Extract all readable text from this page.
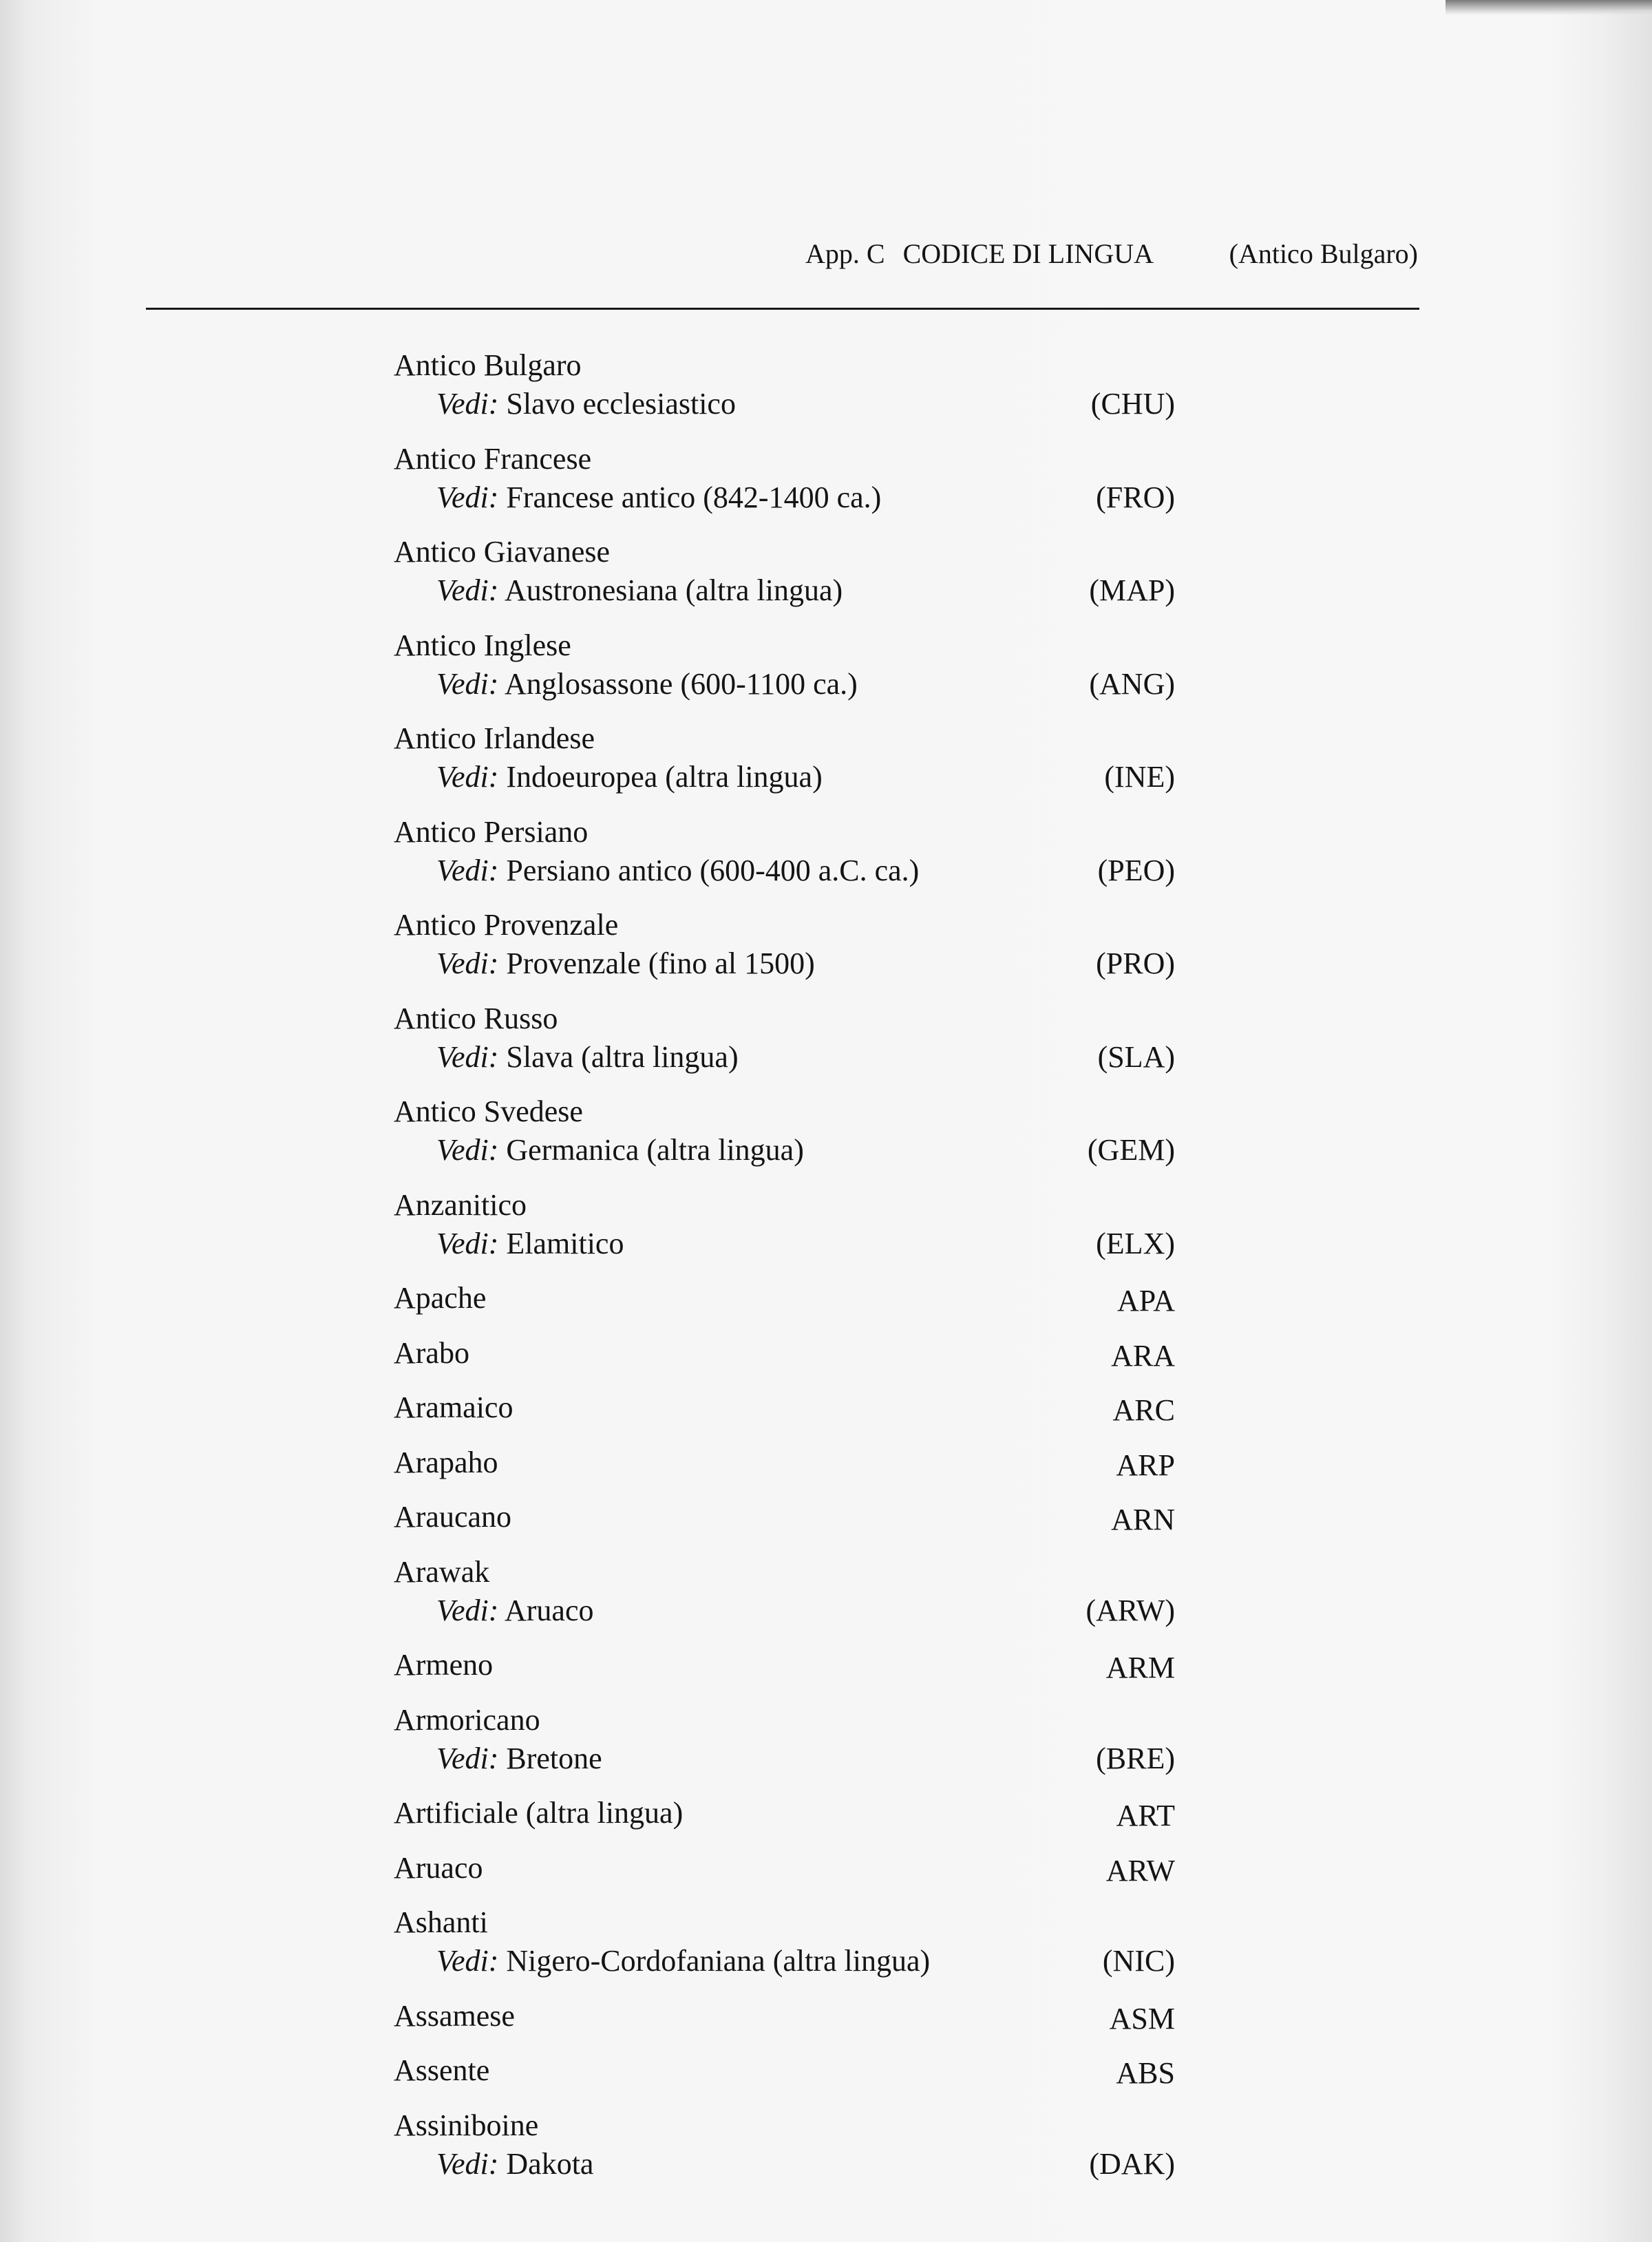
App. C CODICE DI LINGUA	(Antico Bulgaro)
Antico Bulgaro
Vedi: Slavo ecclesiastico	(CHU)
Antico Francese
Vedi: Francese antico (842-1400 ca.)	(FRO)
Antico Giavanese
Vedi: Austronesiana (altra lingua)	(MAP)
Antico Inglese
Vedi: Anglosassone (600-1100 ca.)	(ANG)
Antico Irlandese
Vedi: Indoeuropea (altra lingua)	(INE)
Antico Persiano
Vedi: Persiano antico (600-400 a.C. ca.)	(PEO)
Antico Provenzale
Vedi: Provenzale (fino al 1500)	(PRO)
Antico Russo
Vedi: Slava (altra lingua)	(SLA)
Antico Svedese
Vedi: Germanica (altra lingua)	(GEM)
Anzanitico
Vedi: Elamitico	(ELX)
Apache	APA
Arabo	ARA
Aramaico	ARC
Arapaho	ARP
Araucano	ARN
Arawak
Vedi: Aruaco	(ARW)
Armeno	ARM
Armoricano
Vedi: Bretone	(BRE)
Artificiale (altra lingua)	ART
Aruaco	ARW
Ashanti
Vedi: Nigero-Cordofaniana (altra lingua)	(NIC)
Assamese	ASM
Assente	ABS
Assiniboine
Vedi: Dakota	(DAK)
